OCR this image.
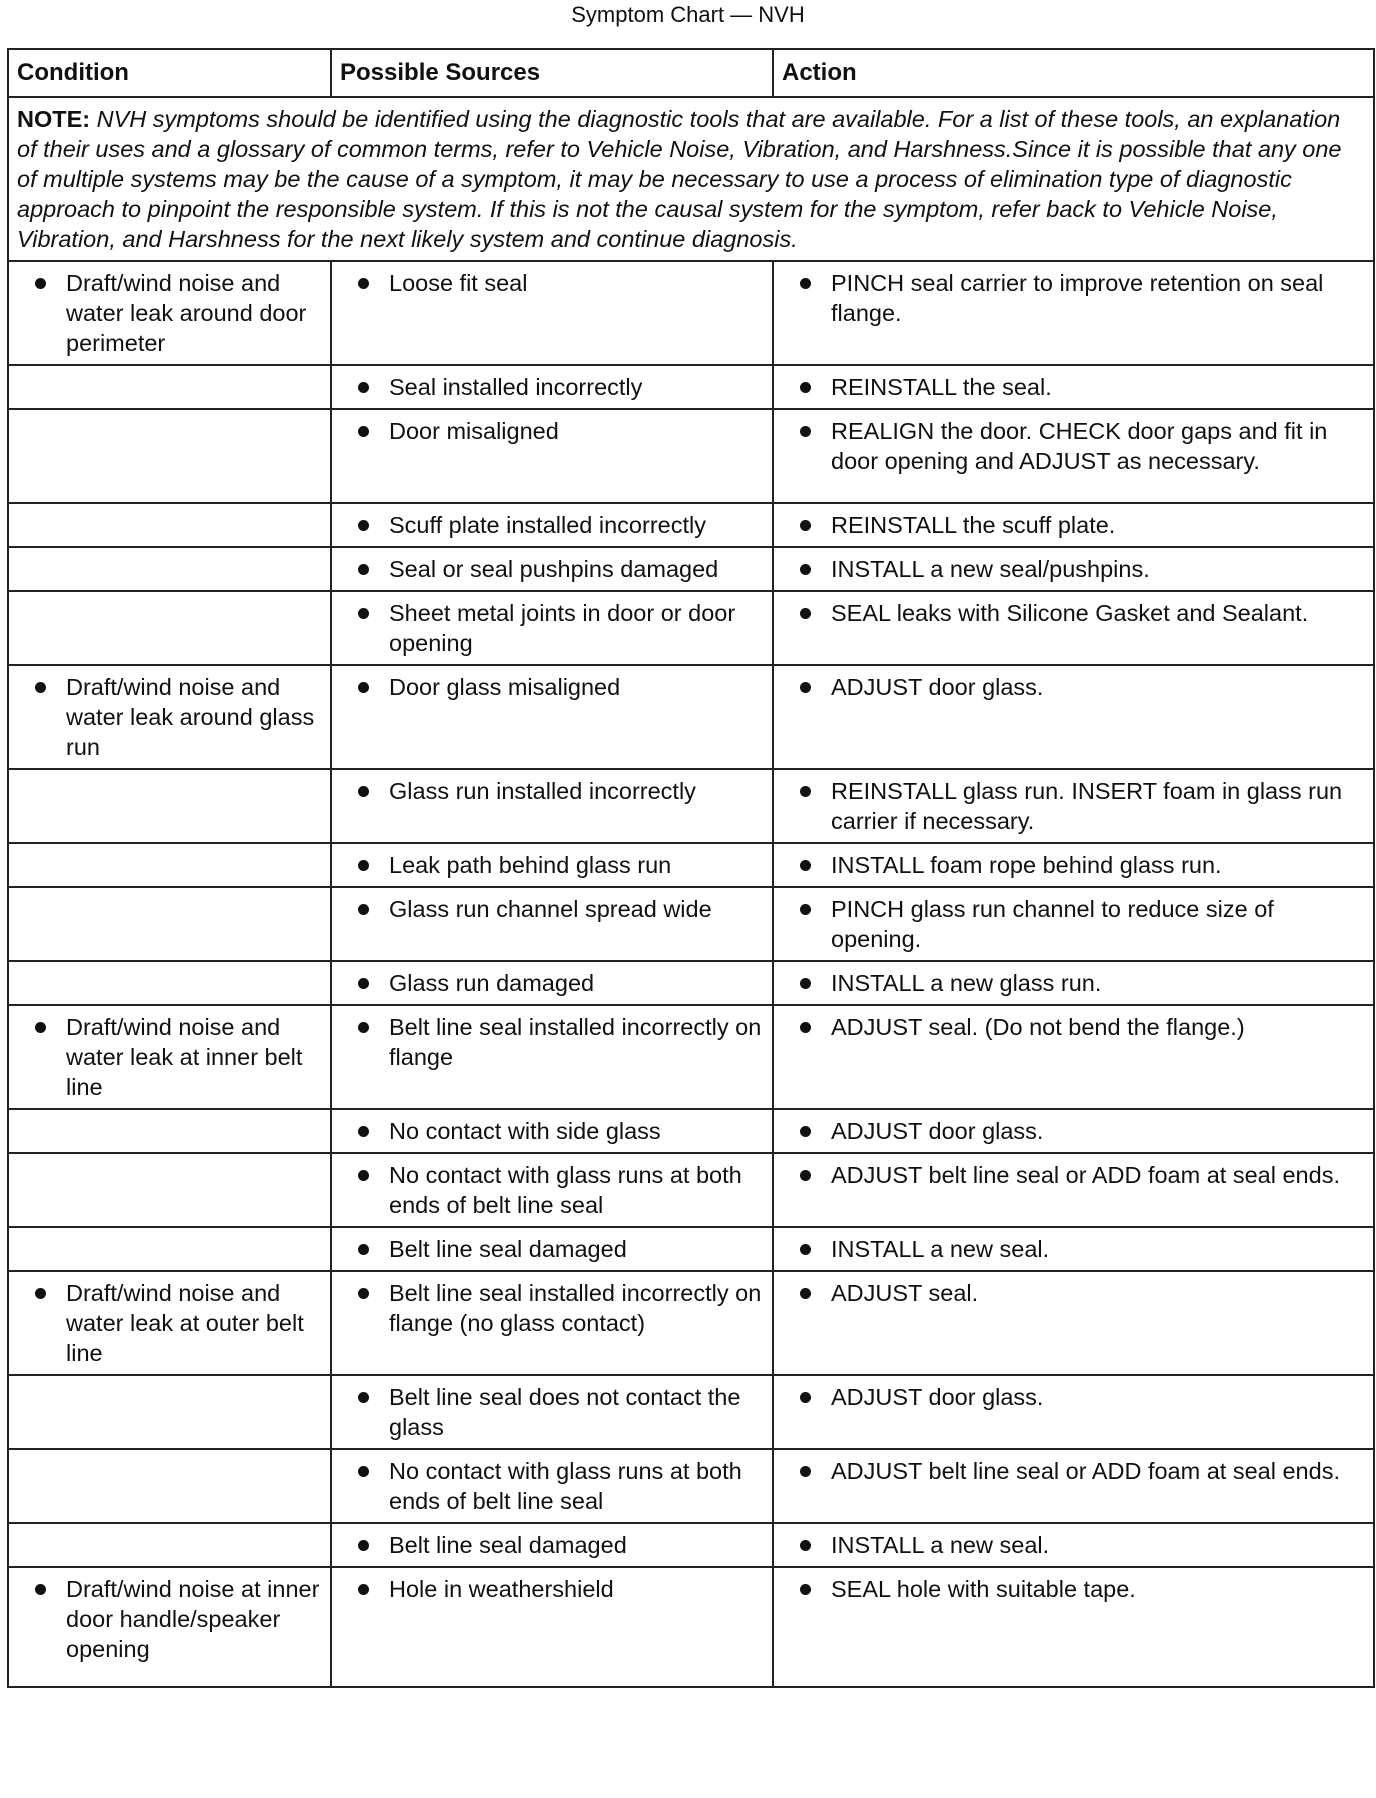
Symptom Chart — NVH
Condition	Possible Sources	Action
NOTE: NVH symptoms should be identified using the diagnostic tools that are available. For a list of these tools, an explanation of their uses and a glossary of common terms, refer to Vehicle Noise, Vibration, and Harshness.Since it is possible that any one of multiple systems may be the cause of a symptom, it may be necessary to use a process of elimination type of diagnostic approach to pinpoint the responsible system. If this is not the causal system for the symptom, refer back to Vehicle Noise, Vibration, and Harshness for the next likely system and continue diagnosis.		

Draft/wind noise and water leak around door perimeter	Loose fit seal	PINCH seal carrier to improve retention on seal flange.

	Seal installed incorrectly	REINSTALL the seal.

	Door misaligned	REALIGN the door. CHECK door gaps and fit in door opening and ADJUST as necessary.

	Scuff plate installed incorrectly	REINSTALL the scuff plate.

	Seal or seal pushpins damaged	INSTALL a new seal/pushpins.

	Sheet metal joints in door or door opening	SEAL leaks with Silicone Gasket and Sealant.

Draft/wind noise and water leak around glass run	Door glass misaligned	ADJUST door glass.

	Glass run installed incorrectly	REINSTALL glass run. INSERT foam in glass run carrier if necessary.

	Leak path behind glass run	INSTALL foam rope behind glass run.

	Glass run channel spread wide	PINCH glass run channel to reduce size of opening.

	Glass run damaged	INSTALL a new glass run.

Draft/wind noise and water leak at inner belt line	Belt line seal installed incorrectly on flange	ADJUST seal. (Do not bend the flange.)

	No contact with side glass	ADJUST door glass.

	No contact with glass runs at both ends of belt line seal	ADJUST belt line seal or ADD foam at seal ends.

	Belt line seal damaged	INSTALL a new seal.

Draft/wind noise and water leak at outer belt line	Belt line seal installed incorrectly on flange (no glass contact)	ADJUST seal.

	Belt line seal does not contact the glass	ADJUST door glass.

	No contact with glass runs at both ends of belt line seal	ADJUST belt line seal or ADD foam at seal ends.

	Belt line seal damaged	INSTALL a new seal.

Draft/wind noise at inner door handle/speaker opening	Hole in weathershield	SEAL hole with suitable tape.
